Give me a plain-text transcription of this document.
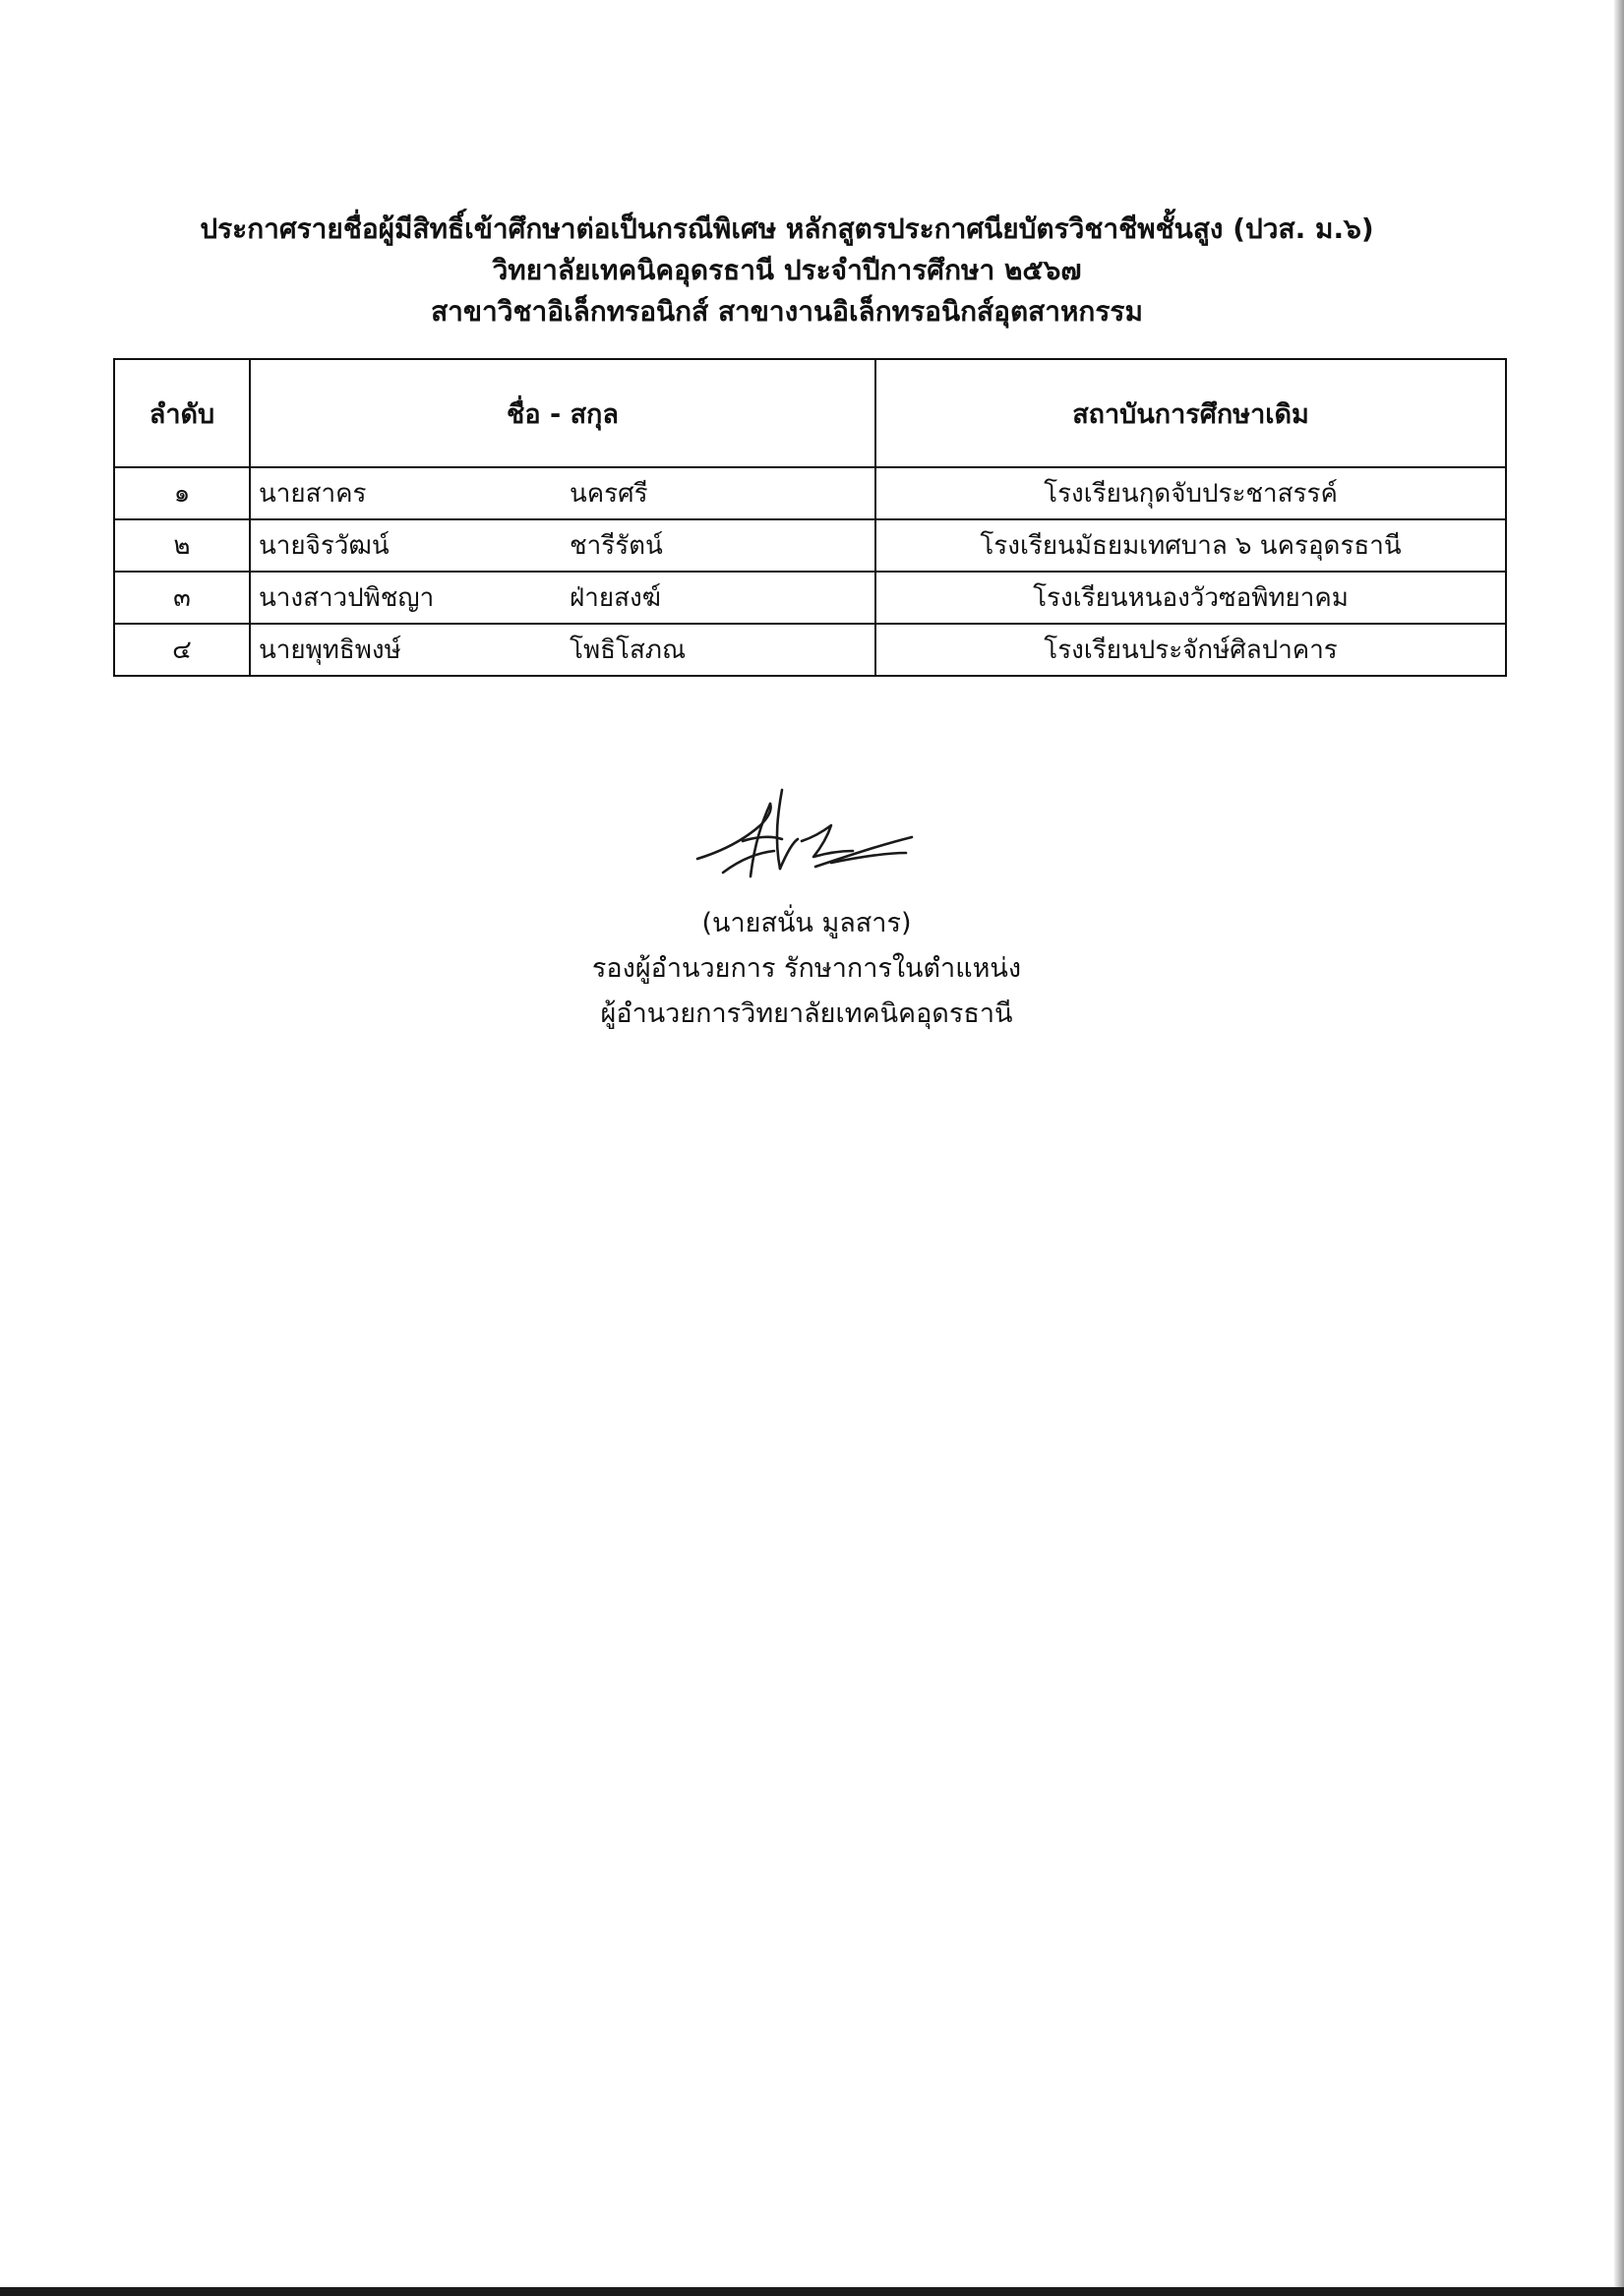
ประกาศรายชื่อผู้มีสิทธิ์เข้าศึกษาต่อเป็นกรณีพิเศษ หลักสูตรประกาศนียบัตรวิชาชีพชั้นสูง (ปวส. ม.๖)
วิทยาลัยเทคนิคอุดรธานี ประจำปีการศึกษา ๒๕๖๗
สาขาวิชาอิเล็กทรอนิกส์ สาขางานอิเล็กทรอนิกส์อุตสาหกรรม
ลำดับ	ชื่อ - สกุล	สถาบันการศึกษาเดิม
๑	นายสาคร นครศรี	โรงเรียนกุดจับประชาสรรค์
๒	นายจิรวัฒน์ ชารีรัตน์	โรงเรียนมัธยมเทศบาล ๖ นครอุดรธานี
๓	นางสาวปพิชญา ฝ่ายสงฆ์	โรงเรียนหนองวัวซอพิทยาคม
๔	นายพุทธิพงษ์ โพธิโสภณ	โรงเรียนประจักษ์ศิลปาคาร
(นายสนั่น มูลสาร)
รองผู้อำนวยการ รักษาการในตำแหน่ง
ผู้อำนวยการวิทยาลัยเทคนิคอุดรธานี
